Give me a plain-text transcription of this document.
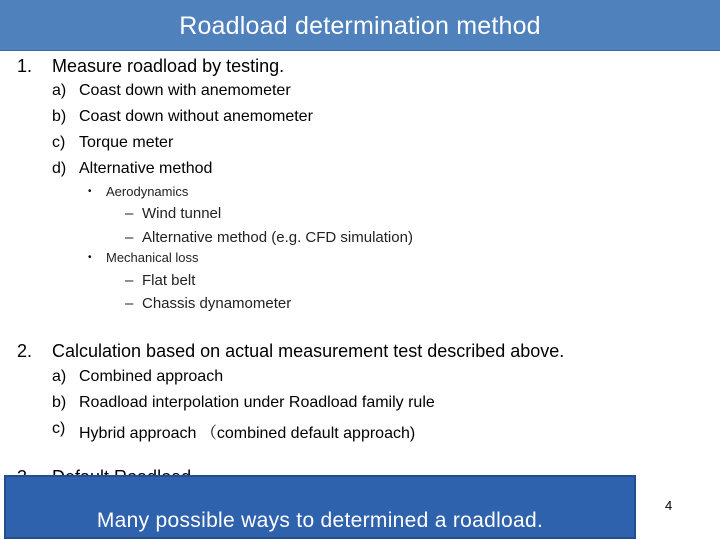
Roadload determination method
1. Measure roadload by testing.
a) Coast down with anemometer
b) Coast down without anemometer
c) Torque meter
d) Alternative method
• Aerodynamics
– Wind tunnel
– Alternative method (e.g. CFD simulation)
• Mechanical loss
– Flat belt
– Chassis dynamometer
2. Calculation based on actual measurement test described above.
a) Combined approach
b) Roadload interpolation under Roadload family rule
c) Hybrid approach （combined default approach)
Many possible ways to determined a roadload.
4
